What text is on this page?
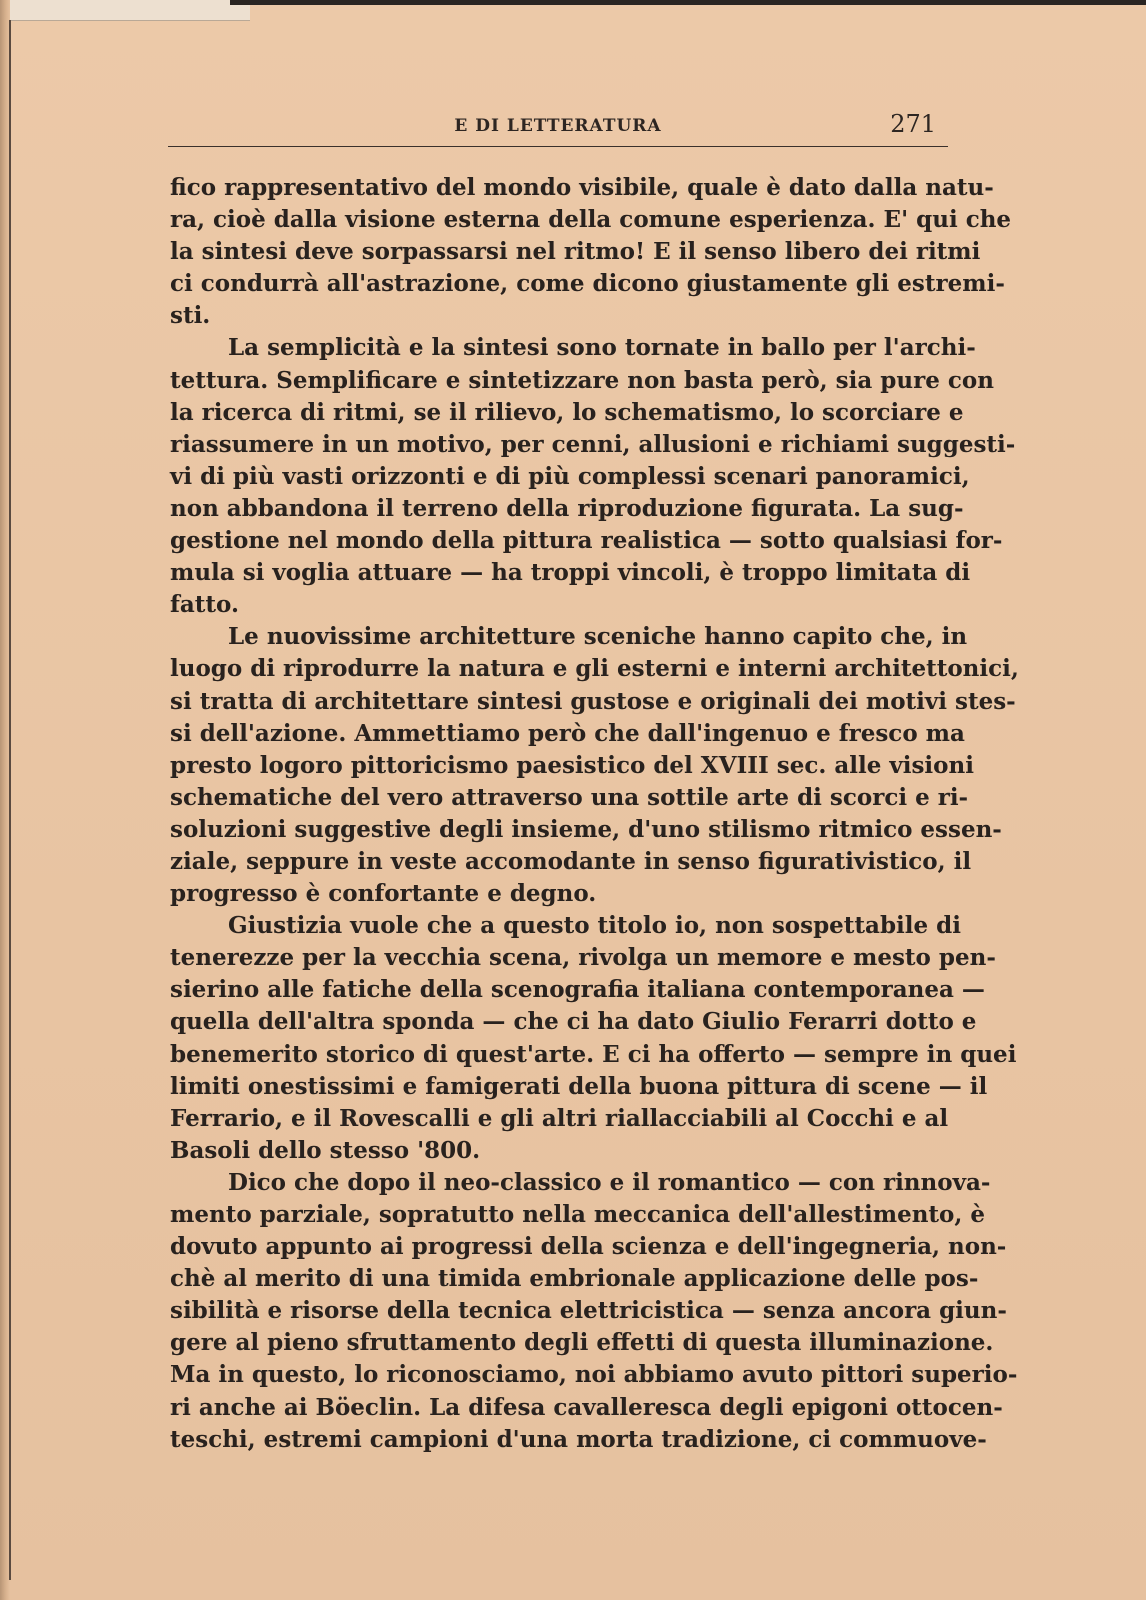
E DI LETTERATURA	271
fico rappresentativo del mondo visibile, quale è dato dalla natu-
ra, cioè dalla visione esterna della comune esperienza. E' qui che
la sintesi deve sorpassarsi nel ritmo! E il senso libero dei ritmi
ci condurrà all'astrazione, come dicono giustamente gli estremi-
sti.
La semplicità e la sintesi sono tornate in ballo per l'archi-
tettura. Semplificare e sintetizzare non basta però, sia pure con
la ricerca di ritmi, se il rilievo, lo schematismo, lo scorciare e
riassumere in un motivo, per cenni, allusioni e richiami suggesti-
vi di più vasti orizzonti e di più complessi scenari panoramici,
non abbandona il terreno della riproduzione figurata. La sug-
gestione nel mondo della pittura realistica — sotto qualsiasi for-
mula si voglia attuare — ha troppi vincoli, è troppo limitata di
fatto.
Le nuovissime architetture sceniche hanno capito che, in
luogo di riprodurre la natura e gli esterni e interni architettonici,
si tratta di architettare sintesi gustose e originali dei motivi stes-
si dell'azione. Ammettiamo però che dall'ingenuo e fresco ma
presto logoro pittoricismo paesistico del XVIII sec. alle visioni
schematiche del vero attraverso una sottile arte di scorci e ri-
soluzioni suggestive degli insieme, d'uno stilismo ritmico essen-
ziale, seppure in veste accomodante in senso figurativistico, il
progresso è confortante e degno.
Giustizia vuole che a questo titolo io, non sospettabile di
tenerezze per la vecchia scena, rivolga un memore e mesto pen-
sierino alle fatiche della scenografia italiana contemporanea —
quella dell'altra sponda — che ci ha dato Giulio Ferarri dotto e
benemerito storico di quest'arte. E ci ha offerto — sempre in quei
limiti onestissimi e famigerati della buona pittura di scene — il
Ferrario, e il Rovescalli e gli altri riallacciabili al Cocchi e al
Basoli dello stesso '800.
Dico che dopo il neo-classico e il romantico — con rinnova-
mento parziale, sopratutto nella meccanica dell'allestimento, è
dovuto appunto ai progressi della scienza e dell'ingegneria, non-
chè al merito di una timida embrionale applicazione delle pos-
sibilità e risorse della tecnica elettricistica — senza ancora giun-
gere al pieno sfruttamento degli effetti di questa illuminazione.
Ma in questo, lo riconosciamo, noi abbiamo avuto pittori superio-
ri anche ai Böeclin. La difesa cavalleresca degli epigoni ottocen-
teschi, estremi campioni d'una morta tradizione, ci commuove-
